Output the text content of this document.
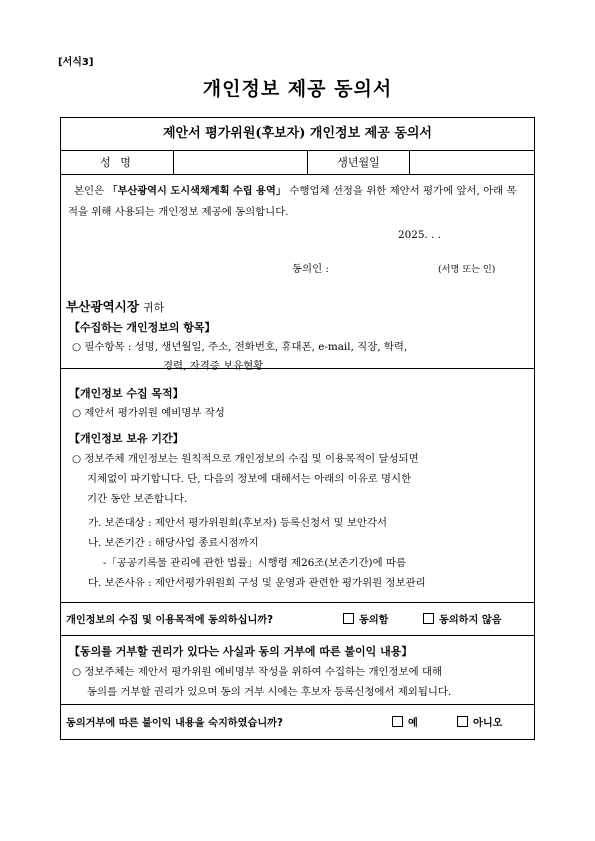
[서식3]
개인정보 제공 동의서
제안서 평가위원(후보자) 개인정보 제공 동의서
성 명	생년월일
본인은 「부산광역시 도시색채계획 수립 용역」 수행업체 선정을 위한 제안서 평가에 앞서, 아래 목적을 위해 사용되는 개인정보 제공에 동의합니다.
2025. . .
동의인 :	(서명 또는 인)
부산광역시장 귀하
【수집하는 개인정보의 항목】
○ 필수항목 : 성명, 생년월일, 주소, 전화번호, 휴대폰, e-mail, 직장, 학력,
경력, 자격증 보유현황
【개인정보 수집 목적】
○ 제안서 평가위원 예비명부 작성
【개인정보 보유 기간】
○ 정보주체 개인정보는 원칙적으로 개인정보의 수집 및 이용목적이 달성되면
지체없이 파기합니다. 단, 다음의 정보에 대해서는 아래의 이유로 명시한
기간 동안 보존합니다.
가. 보존대상 : 제안서 평가위원회(후보자) 등록신청서 및 보안각서
나. 보존기간 : 해당사업 종료시점까지
-「공공기록물 관리에 관한 법률」시행령 제26조(보존기간)에 따름
다. 보존사유 : 제안서평가위원회 구성 및 운영과 관련한 평가위원 정보관리
개인정보의 수집 및 이용목적에 동의하십니까?	동의함	동의하지 않음
【동의를 거부할 권리가 있다는 사실과 동의 거부에 따른 불이익 내용】
○ 정보주체는 제안서 평가위원 예비명부 작성을 위하여 수집하는 개인정보에 대해
동의를 거부할 권리가 있으며 동의 거부 시에는 후보자 등록신청에서 제외됩니다.
동의거부에 따른 불이익 내용을 숙지하였습니까?	예	아니오
